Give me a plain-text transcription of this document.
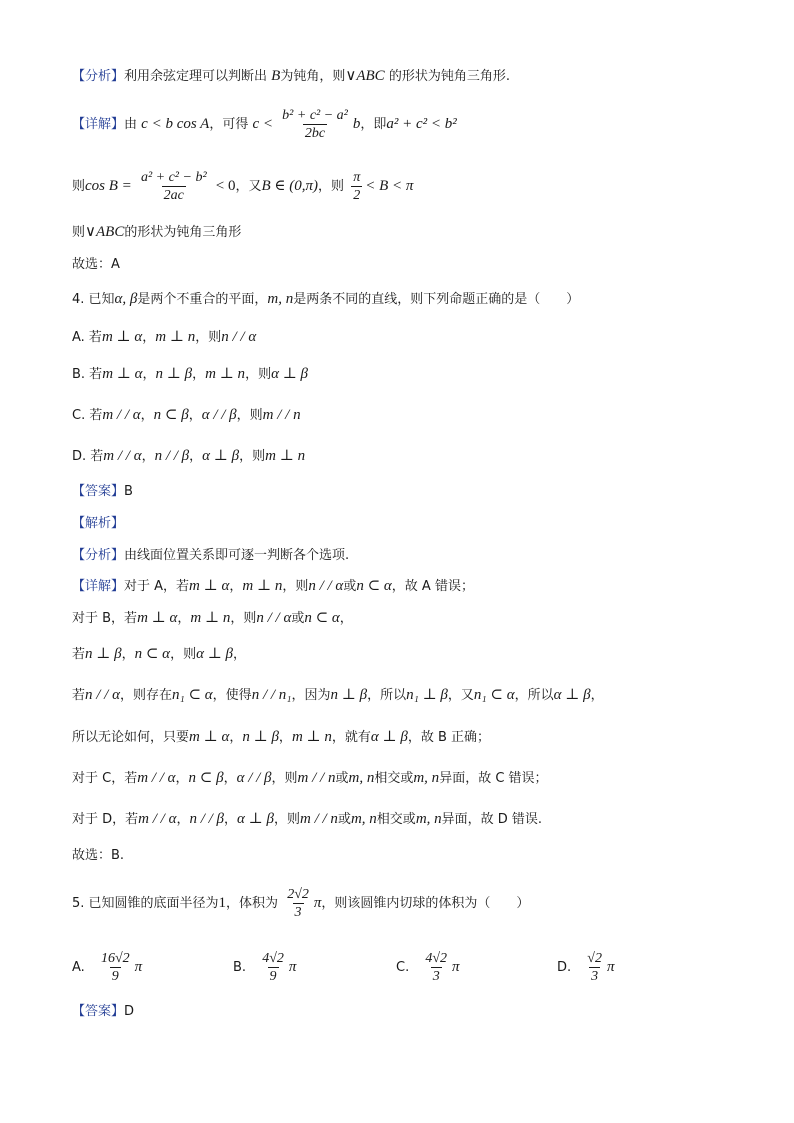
【分析】利用余弦定理可以判断出 B为钝角，则∨ABC 的形状为钝角三角形.
【详解】由 c < b cos A，可得 $c < \frac{\text{b² + c² − a²}}{2bc}$ b，即a² + c² < b²
则$\cos B = \frac{\text{a² + c² − b²}}{2ac} < 0$，又B ∈ (0,π)，则 $\frac{\pi}{2} < B < \pi$
则∨ABC的形状为钝角三角形
故选：A
4. 已知α, β是两个不重合的平面，m, n是两条不同的直线，则下列命题正确的是（　　）
A. 若m ⊥ α，m ⊥ n，则n / / α
B. 若m ⊥ α，n ⊥ β，m ⊥ n，则α ⊥ β
C. 若m / / α，n ⊂ β，α / / β，则m / / n
D. 若m / / α，n / / β，α ⊥ β，则m ⊥ n
【答案】B
【解析】
【分析】由线面位置关系即可逐一判断各个选项.
【详解】对于 A，若m ⊥ α，m ⊥ n，则n / / α或n ⊂ α，故 A 错误；
对于 B，若m ⊥ α，m ⊥ n，则n / / α或n ⊂ α，
若n ⊥ β，n ⊂ α，则α ⊥ β，
若n / / α，则存在n₁ ⊂ α，使得n / / n₁，因为n ⊥ β，所以n₁ ⊥ β，又n₁ ⊂ α，所以α ⊥ β，
所以无论如何，只要m ⊥ α，n ⊥ β，m ⊥ n，就有α ⊥ β，故 B 正确；
对于 C，若m / / α，n ⊂ β，α / / β，则m / / n或m, n相交或m, n异面，故 C 错误；
对于 D，若m / / α，n / / β，α ⊥ β，则m / / n或m, n相交或m, n异面，故 D 错误.
故选：B.
5. 已知圆锥的底面半径为1，体积为 $\frac{2√2}{3}$ π，则该圆锥内切球的体积为（　　）
A. $\frac{16√2}{9}$ π	B. $\frac{4√2}{9}$ π	C. $\frac{4√2}{3}$ π	D. $\frac{√2}{3}$ π
【答案】D
